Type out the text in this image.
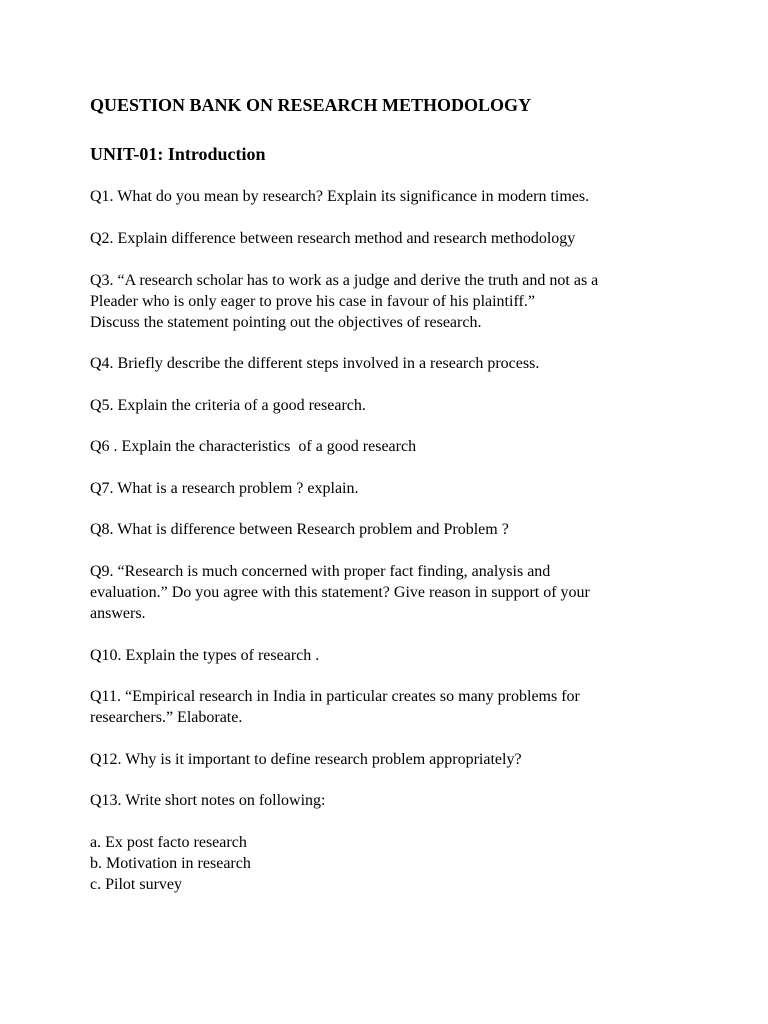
QUESTION BANK ON RESEARCH METHODOLOGY
UNIT-01: Introduction
Q1. What do you mean by research? Explain its significance in modern times.
Q2. Explain difference between research method and research methodology
Q3. “A research scholar has to work as a judge and derive the truth and not as a
Pleader who is only eager to prove his case in favour of his plaintiff.”
Discuss the statement pointing out the objectives of research.
Q4. Briefly describe the different steps involved in a research process.
Q5. Explain the criteria of a good research.
Q6 . Explain the characteristics  of a good research
Q7. What is a research problem ? explain.
Q8. What is difference between Research problem and Problem ?
Q9. “Research is much concerned with proper fact finding, analysis and
evaluation.” Do you agree with this statement? Give reason in support of your
answers.
Q10. Explain the types of research .
Q11. “Empirical research in India in particular creates so many problems for
researchers.” Elaborate.
Q12. Why is it important to define research problem appropriately?
Q13. Write short notes on following:
a. Ex post facto research
b. Motivation in research
c. Pilot survey
